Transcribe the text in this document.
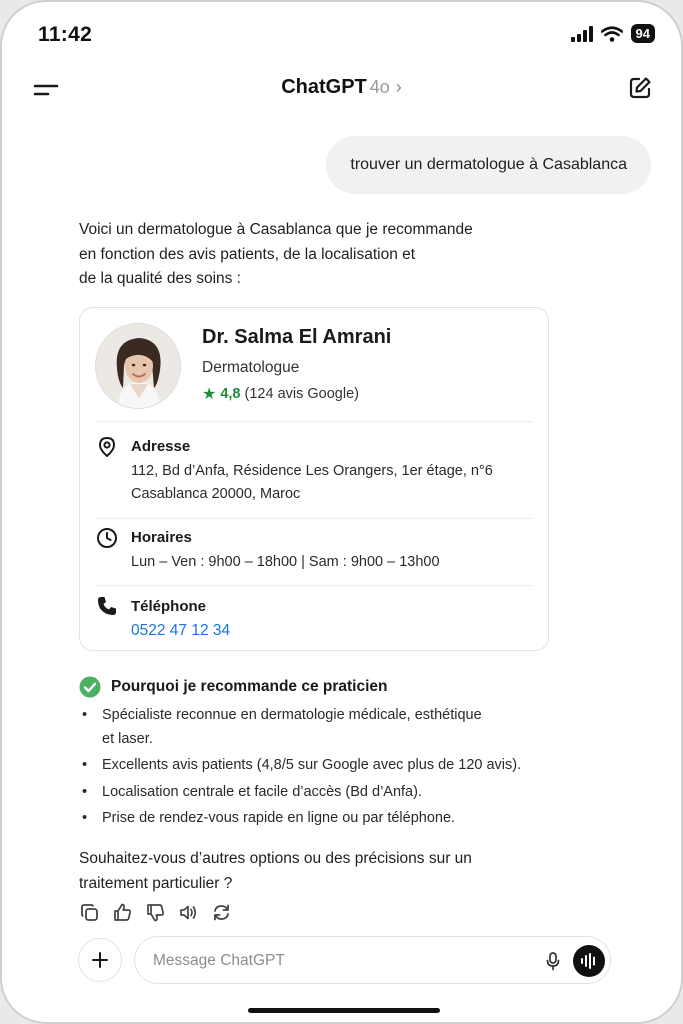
11:42	94
ChatGPT 4o ›
trouver un dermatologue à Casablanca
Voici un dermatologue à Casablanca que je recommande
en fonction des avis patients, de la localisation et
de la qualité des soins :
Dr. Salma El Amrani
Dermatologue
★ 4,8 (124 avis Google)
Adresse
112, Bd d’Anfa, Résidence Les Orangers, 1er étage, n°6
Casablanca 20000, Maroc
Horaires
Lun – Ven : 9h00 – 18h00 | Sam : 9h00 – 13h00
Téléphone
0522 47 12 34
Pourquoi je recommande ce praticien
• Spécialiste reconnue en dermatologie médicale, esthétique
et laser.
• Excellents avis patients (4,8/5 sur Google avec plus de 120 avis).
• Localisation centrale et facile d’accès (Bd d’Anfa).
• Prise de rendez-vous rapide en ligne ou par téléphone.
Souhaitez-vous d’autres options ou des précisions sur un
traitement particulier ?
Message ChatGPT
